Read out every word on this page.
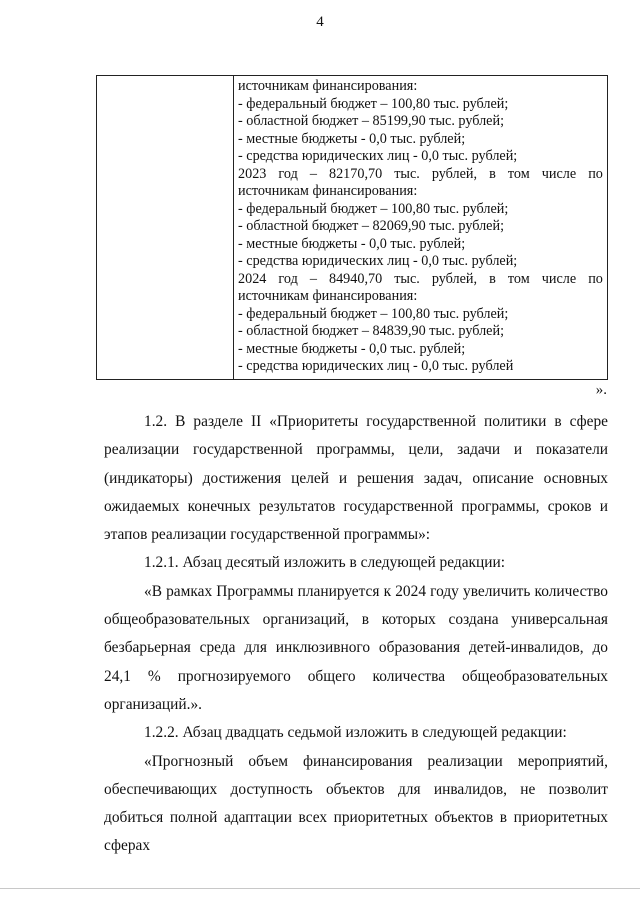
4
источникам финансирования:
- федеральный бюджет – 100,80 тыс. рублей;
- областной бюджет – 85199,90 тыс. рублей;
- местные бюджеты - 0,0 тыс. рублей;
- средства юридических лиц - 0,0 тыс. рублей;
2023 год – 82170,70 тыс. рублей, в том числе по
источникам финансирования:
- федеральный бюджет – 100,80 тыс. рублей;
- областной бюджет – 82069,90 тыс. рублей;
- местные бюджеты - 0,0 тыс. рублей;
- средства юридических лиц - 0,0 тыс. рублей;
2024 год – 84940,70 тыс. рублей, в том числе по
источникам финансирования:
- федеральный бюджет – 100,80 тыс. рублей;
- областной бюджет – 84839,90 тыс. рублей;
- местные бюджеты - 0,0 тыс. рублей;
- средства юридических лиц - 0,0 тыс. рублей
».

1.2. В разделе II «Приоритеты государственной политики в сфере реализации государственной программы, цели, задачи и показатели (индикаторы) достижения целей и решения задач, описание основных ожидаемых конечных результатов государственной программы, сроков и этапов реализации государственной программы»:

1.2.1. Абзац десятый изложить в следующей редакции:

«В рамках Программы планируется к 2024 году увеличить количество общеобразовательных организаций, в которых создана универсальная безбарьерная среда для инклюзивного образования детей-инвалидов, до 24,1 % прогнозируемого общего количества общеобразовательных организаций.».

1.2.2. Абзац двадцать седьмой изложить в следующей редакции:

«Прогнозный объем финансирования реализации мероприятий, обеспечивающих доступность объектов для инвалидов, не позволит добиться полной адаптации всех приоритетных объектов в приоритетных сферах
